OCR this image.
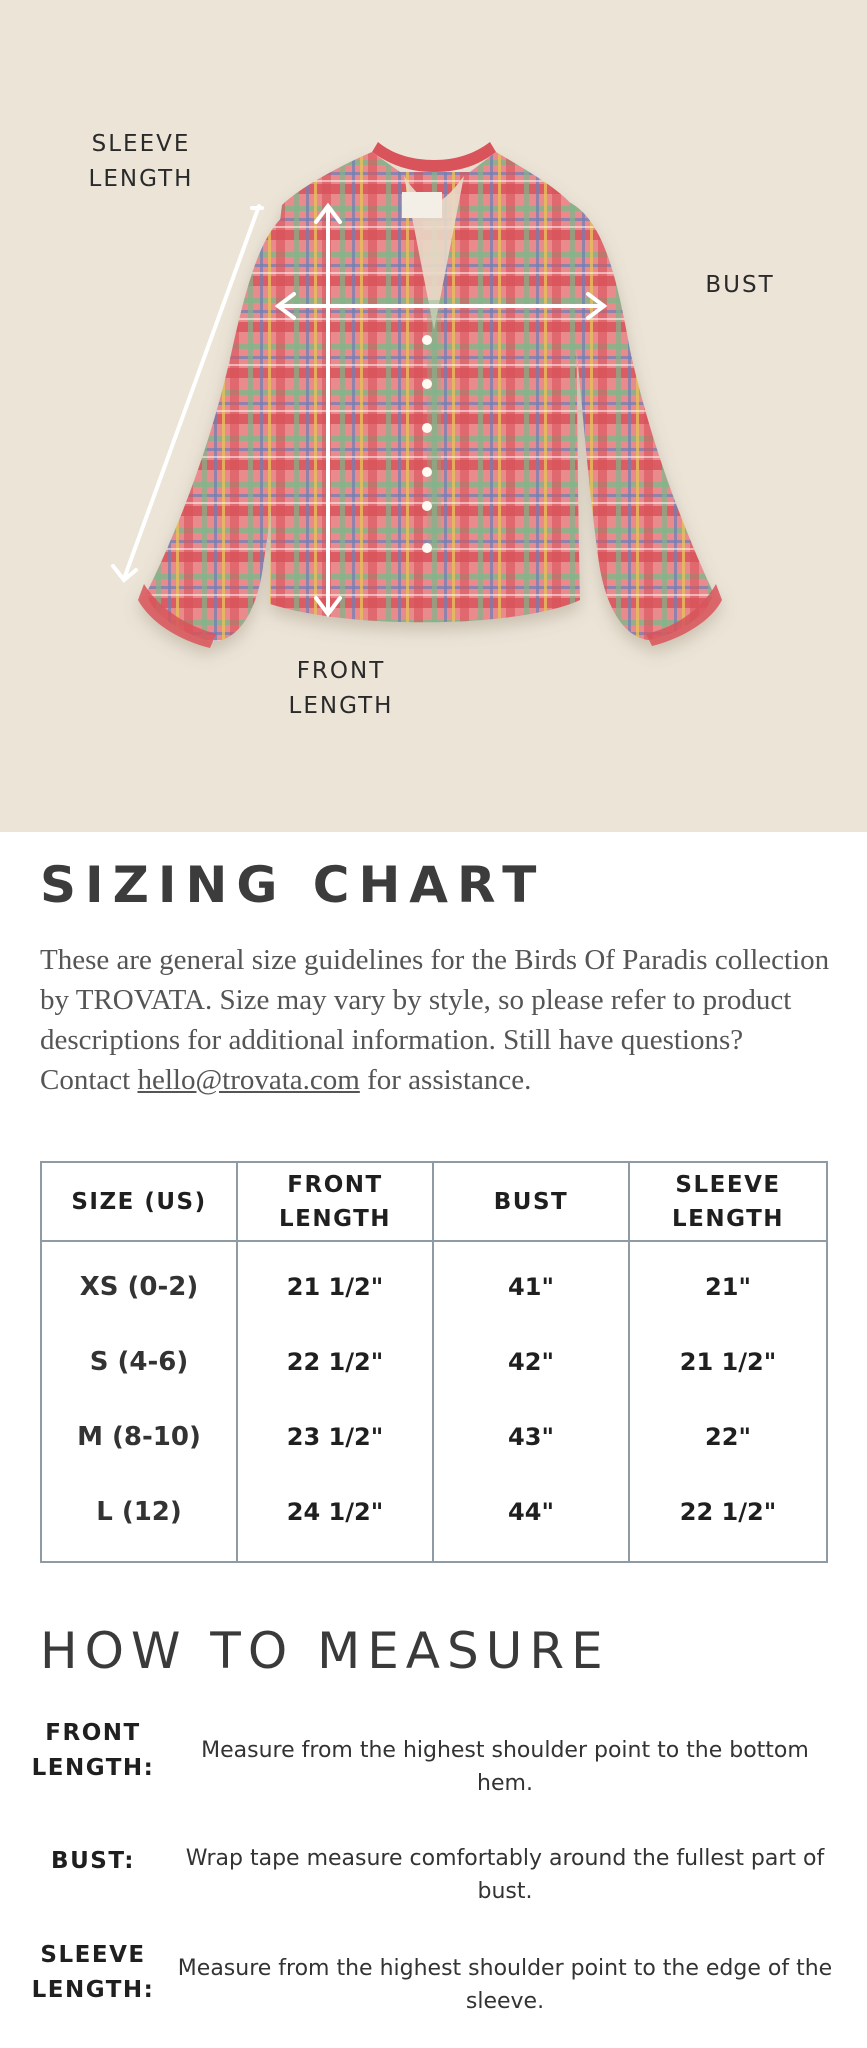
SLEEVE
LENGTH
BUST
FRONT
LENGTH
SIZING CHART

These are general size guidelines for the Birds Of Paradis collection by TROVATA. Size may vary by style, so please refer to product descriptions for additional information. Still have questions? Contact hello@trovata.com for assistance.

SIZE (US)
FRONT
LENGTH
BUST
SLEEVE
LENGTH
XS (0-2)
S (4-6)
M (8-10)
L (12)
21 1/2"
22 1/2"
23 1/2"
24 1/2"
41"
42"
43"
44"
21"
21 1/2"
22"
22 1/2"
HOW TO MEASURE
FRONT
LENGTH:
Measure from the highest shoulder point to the bottom hem.
BUST:	Wrap tape measure comfortably around the fullest part of bust.
SLEEVE
LENGTH:
Measure from the highest shoulder point to the edge of the sleeve.
